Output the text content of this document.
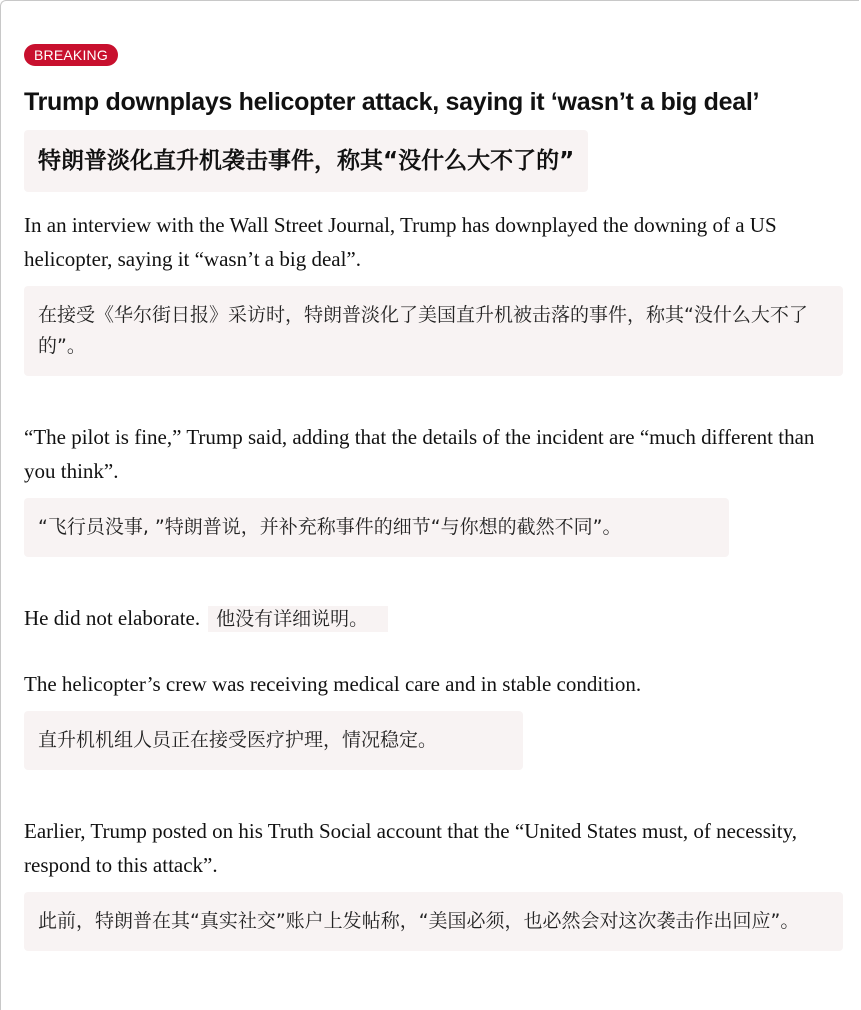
BREAKING
Trump downplays helicopter attack, saying it ‘wasn’t a big deal’
特朗普淡化直升机袭击事件，称其“没什么大不了的”

In an interview with the Wall Street Journal, Trump has downplayed the downing of a US helicopter, saying it “wasn’t a big deal”.

在接受《华尔街日报》采访时，特朗普淡化了美国直升机被击落的事件，称其“没什么大不了的”。

“The pilot is fine,” Trump said, adding that the details of the incident are “much different than you think”.

“飞行员没事, ”特朗普说，并补充称事件的细节“与你想的截然不同”。

He did not elaborate. 他没有详细说明。

The helicopter’s crew was receiving medical care and in stable condition.

直升机机组人员正在接受医疗护理，情况稳定。

Earlier, Trump posted on his Truth Social account that the “United States must, of necessity, respond to this attack”.

此前，特朗普在其“真实社交”账户上发帖称，“美国必须，也必然会对这次袭击作出回应”。
